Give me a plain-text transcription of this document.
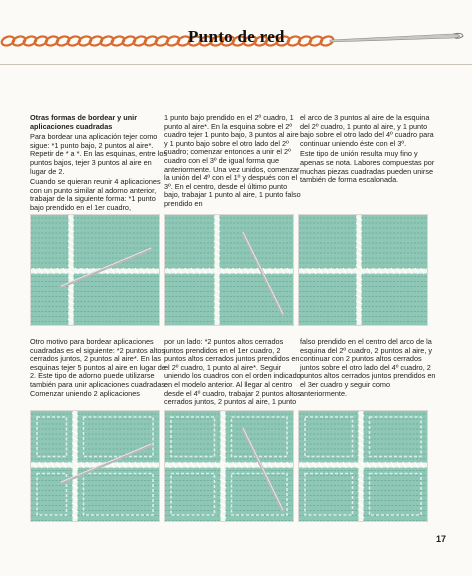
Punto de red

Otras formas de bordear y unir aplicaciones cuadradas

Para bordear una aplicación tejer como sigue: *1 punto bajo, 2 puntos al aire*. Repetir de * a *. En las esquinas, entre los puntos bajos, tejer 3 puntos al aire en lugar de 2.

Cuando se quieran reunir 4 aplicaciones con un punto similar al adorno anterior, trabajar de la siguiente forma: *1 punto bajo prendido en el 1er cuadro,

1 punto bajo prendido en el 2º cuadro, 1 punto al aire*. En la esquina sobre el 2º cuadro tejer 1 punto bajo, 3 puntos al aire y 1 punto bajo sobre el otro lado del 2º cuadro; comenzar entonces a unir el 2º cuadro con el 3º de igual forma que anteriormente. Una vez unidos, comenzar la unión del 4º con el 1º y después con el 3º. En el centro, desde el último punto bajo, trabajar 1 punto al aire, 1 punto falso prendido en

el arco de 3 puntos al aire de la esquina del 2º cuadro, 1 punto al aire, y 1 punto bajo sobre el otro lado del 4º cuadro para continuar uniendo éste con el 3º.

Este tipo de unión resulta muy fino y apenas se nota. Labores compuestas por muchas piezas cuadradas pueden unirse también de forma escalonada.

Otro motivo para bordear aplicaciones cuadradas es el siguiente: *2 puntos altos cerrados juntos, 2 puntos al aire*. En las esquinas tejer 5 puntos al aire en lugar de 2. Este tipo de adorno puede utilizarse también para unir aplicaciones cuadradas. Comenzar uniendo 2 aplicaciones

por un lado: *2 puntos altos cerrados juntos prendidos en el 1er cuadro, 2 puntos altos cerrados juntos prendidos en el 2º cuadro, 1 punto al aire*. Seguir uniendo los cuadros con el orden indicado en el modelo anterior. Al llegar al centro desde el 4º cuadro, trabajar 2 puntos altos cerrados juntos, 2 puntos al aire, 1 punto

falso prendido en el centro del arco de la esquina del 2º cuadro, 2 puntos al aire, y continuar con 2 puntos altos cerrados juntos sobre el otro lado del 4º cuadro, 2 puntos altos cerrados juntos prendidos en el 3er cuadro y seguir como anteriormente.

17
